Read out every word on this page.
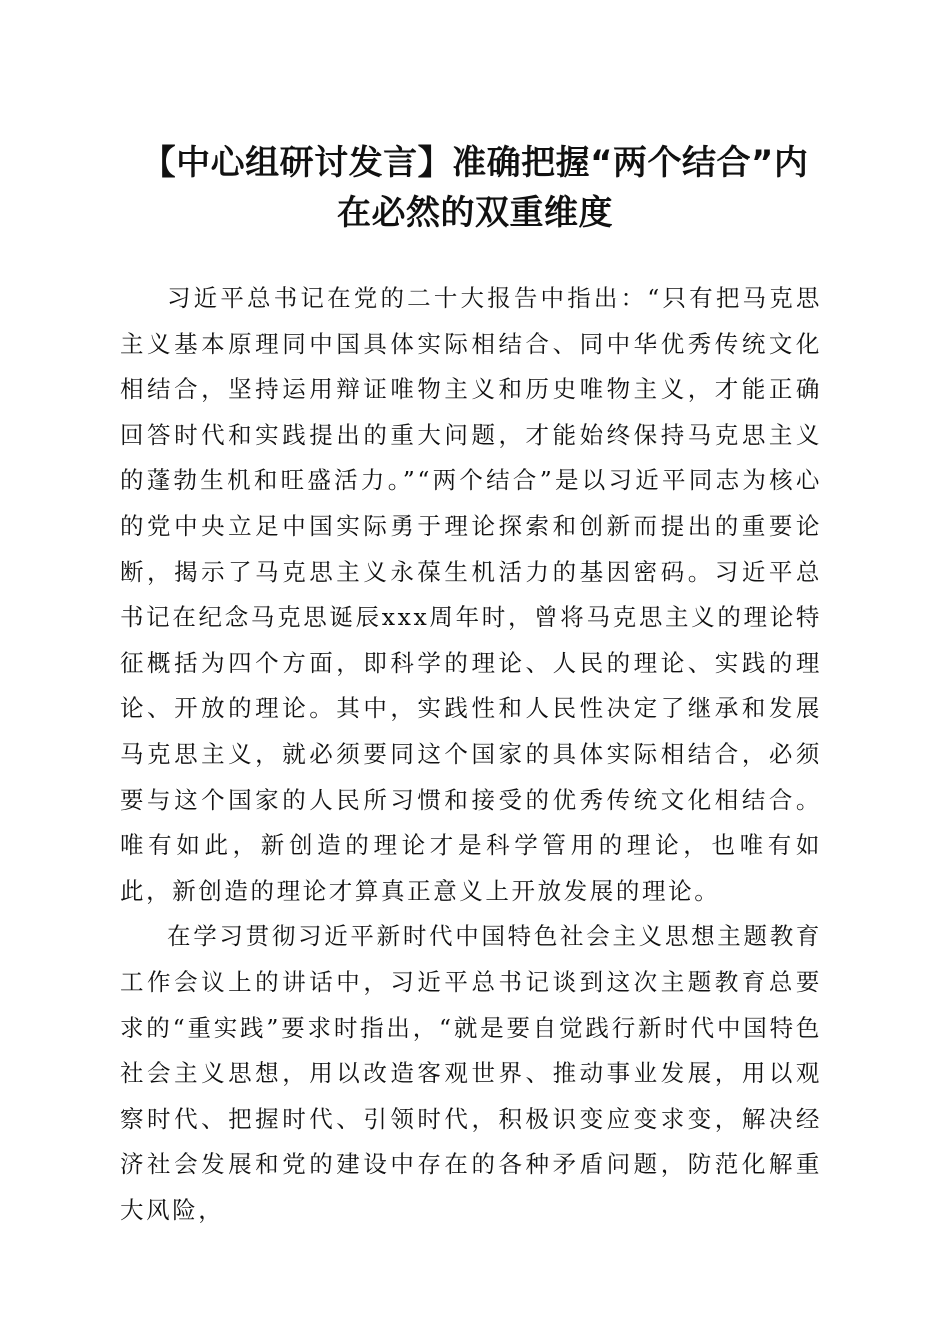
【中心组研讨发言】准确把握“两个结合”内
在必然的双重维度

习近平总书记在党的二十大报告中指出：“只有把马克思主义基本原理同中国具体实际相结合、同中华优秀传统文化相结合，坚持运用辩证唯物主义和历史唯物主义，才能正确回答时代和实践提出的重大问题，才能始终保持马克思主义的蓬勃生机和旺盛活力。”“两个结合”是以习近平同志为核心的党中央立足中国实际勇于理论探索和创新而提出的重要论断，揭示了马克思主义永葆生机活力的基因密码。习近平总书记在纪念马克思诞辰xxx周年时，曾将马克思主义的理论特征概括为四个方面，即科学的理论、人民的理论、实践的理论、开放的理论。其中，实践性和人民性决定了继承和发展马克思主义，就必须要同这个国家的具体实际相结合，必须要与这个国家的人民所习惯和接受的优秀传统文化相结合。唯有如此，新创造的理论才是科学管用的理论，也唯有如此，新创造的理论才算真正意义上开放发展的理论。

在学习贯彻习近平新时代中国特色社会主义思想主题教育工作会议上的讲话中，习近平总书记谈到这次主题教育总要求的“重实践”要求时指出，“就是要自觉践行新时代中国特色社会主义思想，用以改造客观世界、推动事业发展，用以观察时代、把握时代、引领时代，积极识变应变求变，解决经济社会发展和党的建设中存在的各种矛盾问题，防范化解重大风险，
